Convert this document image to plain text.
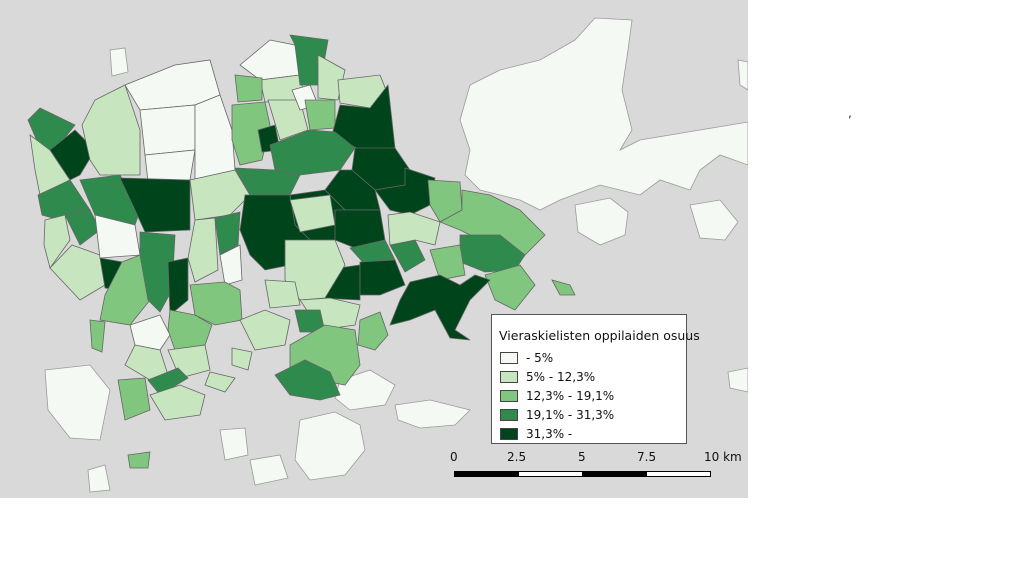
Vieraskielisten oppilaiden osuus
- 5%
5% - 12,3%
12,3% - 19,1%
19,1% - 31,3%
31,3% -
0	2.5	5	7.5	10 km
,
